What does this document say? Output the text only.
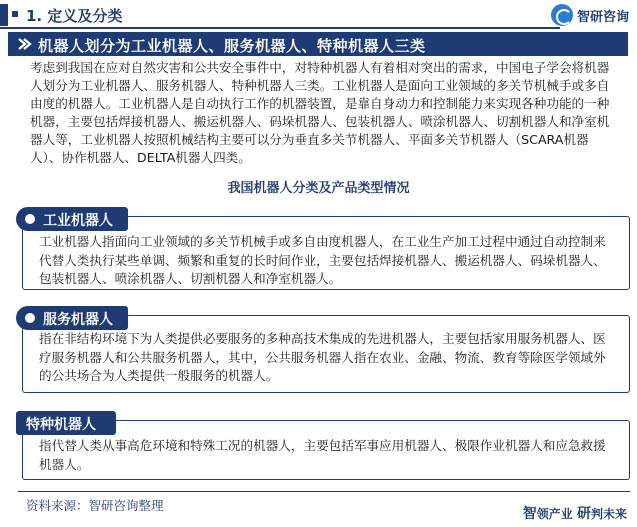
1. 定义及分类	智研咨询
机器人划分为工业机器人、服务机器人、特种机器人三类

考虑到我国在应对自然灾害和公共安全事件中，对特种机器人有着相对突出的需求，中国电子学会将机器人划分为工业机器人、服务机器人、特种机器人三类。工业机器人是面向工业领域的多关节机械手或多自由度的机器人。工业机器人是自动执行工作的机器装置，是靠自身动力和控制能力来实现各种功能的一种机器，主要包括焊接机器人、搬运机器人、码垛机器人、包装机器人、喷涂机器人、切割机器人和净室机器人等，工业机器人按照机械结构主要可以分为垂直多关节机器人、平面多关节机器人（SCARA机器人）、协作机器人、DELTA机器人四类。

我国机器人分类及产品类型情况

工业机器人指面向工业领域的多关节机械手或多自由度机器人，在工业生产加工过程中通过自动控制来代替人类执行某些单调、频繁和重复的长时间作业，主要包括焊接机器人、搬运机器人、码垛机器人、包装机器人、喷涂机器人、切割机器人和净室机器人。

工业机器人

指在非结构环境下为人类提供必要服务的多种高技术集成的先进机器人，主要包括家用服务机器人、医疗服务机器人和公共服务机器人，其中，公共服务机器人指在农业、金融、物流、教育等除医学领域外的公共场合为人类提供一般服务的机器人。

服务机器人

指代替人类从事高危环境和特殊工况的机器人，主要包括军事应用机器人、极限作业机器人和应急救援机器人。

特种机器人
资料来源：智研咨询整理
智领产业 研判未来
